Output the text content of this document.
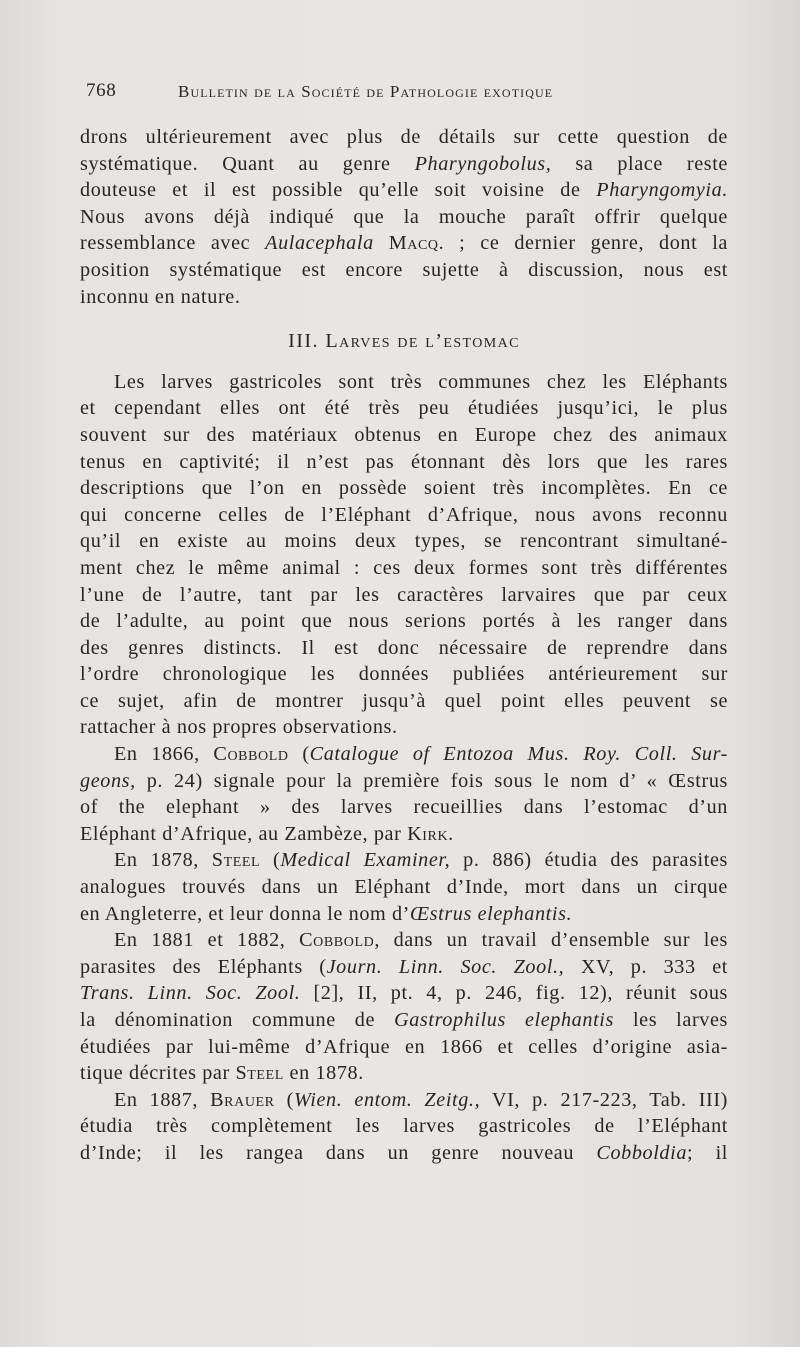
768	Bulletin de la Société de Pathologie exotique
drons ultérieurement avec plus de détails sur cette question de
systématique. Quant au genre Pharyngobolus, sa place reste
douteuse et il est possible qu’elle soit voisine de Pharyngomyia.
Nous avons déjà indiqué que la mouche paraît offrir quelque
ressemblance avec Aulacephala Macq. ; ce dernier genre, dont la
position systématique est encore sujette à discussion, nous est
inconnu en nature.
III. Larves de l’estomac
Les larves gastricoles sont très communes chez les Eléphants
et cependant elles ont été très peu étudiées jusqu’ici, le plus
souvent sur des matériaux obtenus en Europe chez des animaux
tenus en captivité; il n’est pas étonnant dès lors que les rares
descriptions que l’on en possède soient très incomplètes. En ce
qui concerne celles de l’Eléphant d’Afrique, nous avons reconnu
qu’il en existe au moins deux types, se rencontrant simultané-
ment chez le même animal : ces deux formes sont très différentes
l’une de l’autre, tant par les caractères larvaires que par ceux
de l’adulte, au point que nous serions portés à les ranger dans
des genres distincts. Il est donc nécessaire de reprendre dans
l’ordre chronologique les données publiées antérieurement sur
ce sujet, afin de montrer jusqu’à quel point elles peuvent se
rattacher à nos propres observations.
En 1866, Cobbold (Catalogue of Entozoa Mus. Roy. Coll. Sur-
geons, p. 24) signale pour la première fois sous le nom d’ « Œstrus
of the elephant » des larves recueillies dans l’estomac d’un
Eléphant d’Afrique, au Zambèze, par Kirk.
En 1878, Steel (Medical Examiner, p. 886) étudia des parasites
analogues trouvés dans un Eléphant d’Inde, mort dans un cirque
en Angleterre, et leur donna le nom d’Œstrus elephantis.
En 1881 et 1882, Cobbold, dans un travail d’ensemble sur les
parasites des Eléphants (Journ. Linn. Soc. Zool., XV, p. 333 et
Trans. Linn. Soc. Zool. [2], II, pt. 4, p. 246, fig. 12), réunit sous
la dénomination commune de Gastrophilus elephantis les larves
étudiées par lui-même d’Afrique en 1866 et celles d’origine asia-
tique décrites par Steel en 1878.
En 1887, Brauer (Wien. entom. Zeitg., VI, p. 217-223, Tab. III)
étudia très complètement les larves gastricoles de l’Eléphant
d’Inde; il les rangea dans un genre nouveau Cobboldia; il
